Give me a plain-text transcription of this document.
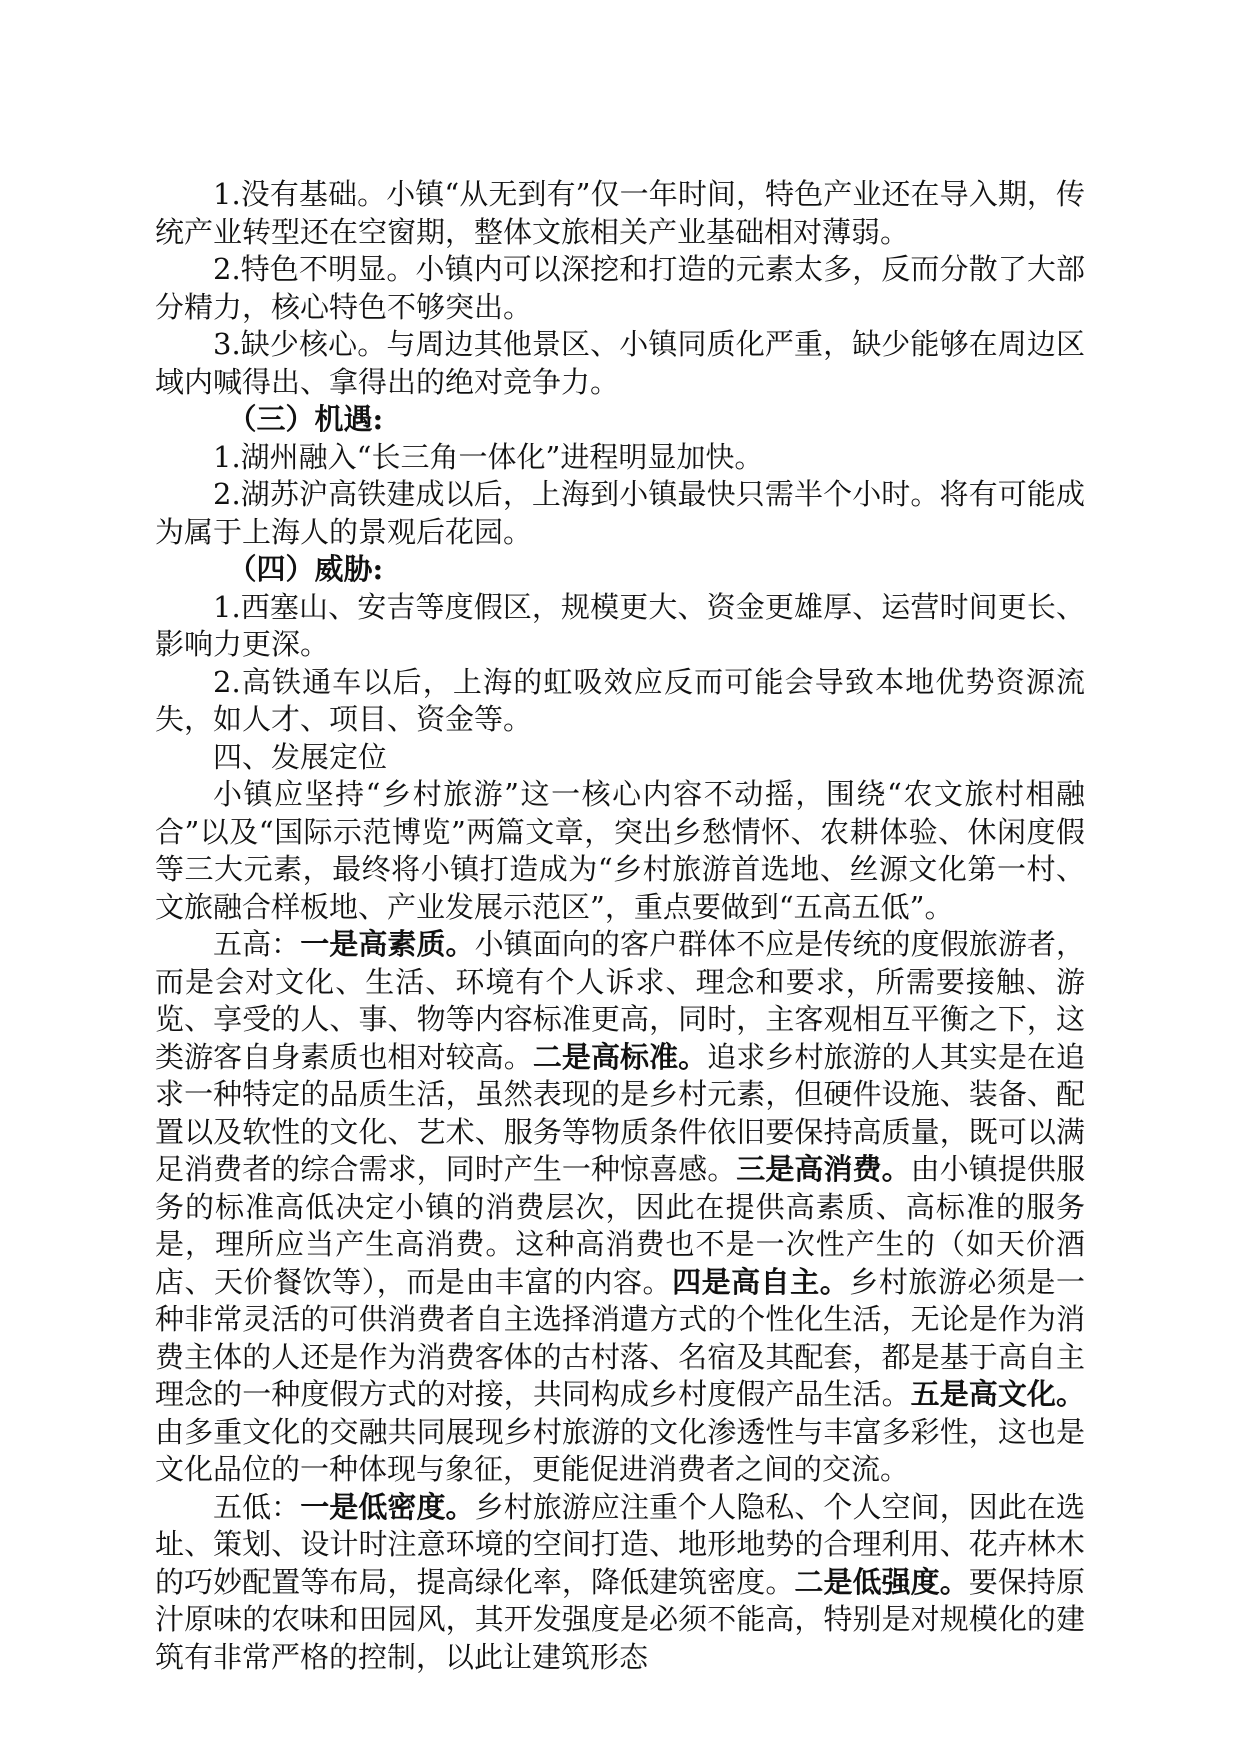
1.没有基础。小镇“从无到有”仅一年时间，特色产业还在导入期，传统产业转型还在空窗期，整体文旅相关产业基础相对薄弱。

2.特色不明显。小镇内可以深挖和打造的元素太多，反而分散了大部分精力，核心特色不够突出。

3.缺少核心。与周边其他景区、小镇同质化严重，缺少能够在周边区域内喊得出、拿得出的绝对竞争力。

（三）机遇:

1.湖州融入“长三角一体化”进程明显加快。

2.湖苏沪高铁建成以后，上海到小镇最快只需半个小时。将有可能成为属于上海人的景观后花园。

（四）威胁:

1.西塞山、安吉等度假区，规模更大、资金更雄厚、运营时间更长、影响力更深。

2.高铁通车以后，上海的虹吸效应反而可能会导致本地优势资源流失，如人才、项目、资金等。

四、发展定位

小镇应坚持“乡村旅游”这一核心内容不动摇，围绕“农文旅村相融合”以及“国际示范博览”两篇文章，突出乡愁情怀、农耕体验、休闲度假等三大元素，最终将小镇打造成为“乡村旅游首选地、丝源文化第一村、文旅融合样板地、产业发展示范区”，重点要做到“五高五低”。

五高：一是高素质。小镇面向的客户群体不应是传统的度假旅游者，而是会对文化、生活、环境有个人诉求、理念和要求，所需要接触、游览、享受的人、事、物等内容标准更高，同时，主客观相互平衡之下，这类游客自身素质也相对较高。二是高标准。追求乡村旅游的人其实是在追求一种特定的品质生活，虽然表现的是乡村元素，但硬件设施、装备、配置以及软性的文化、艺术、服务等物质条件依旧要保持高质量，既可以满足消费者的综合需求，同时产生一种惊喜感。三是高消费。由小镇提供服务的标准高低决定小镇的消费层次，因此在提供高素质、高标准的服务是，理所应当产生高消费。这种高消费也不是一次性产生的（如天价酒店、天价餐饮等），而是由丰富的内容。四是高自主。乡村旅游必须是一种非常灵活的可供消费者自主选择消遣方式的个性化生活，无论是作为消费主体的人还是作为消费客体的古村落、名宿及其配套，都是基于高自主理念的一种度假方式的对接，共同构成乡村度假产品生活。五是高文化。由多重文化的交融共同展现乡村旅游的文化渗透性与丰富多彩性，这也是文化品位的一种体现与象征，更能促进消费者之间的交流。

五低：一是低密度。乡村旅游应注重个人隐私、个人空间，因此在选址、策划、设计时注意环境的空间打造、地形地势的合理利用、花卉林木的巧妙配置等布局，提高绿化率，降低建筑密度。二是低强度。要保持原汁原味的农味和田园风，其开发强度是必须不能高，特别是对规模化的建筑有非常严格的控制，以此让建筑形态
